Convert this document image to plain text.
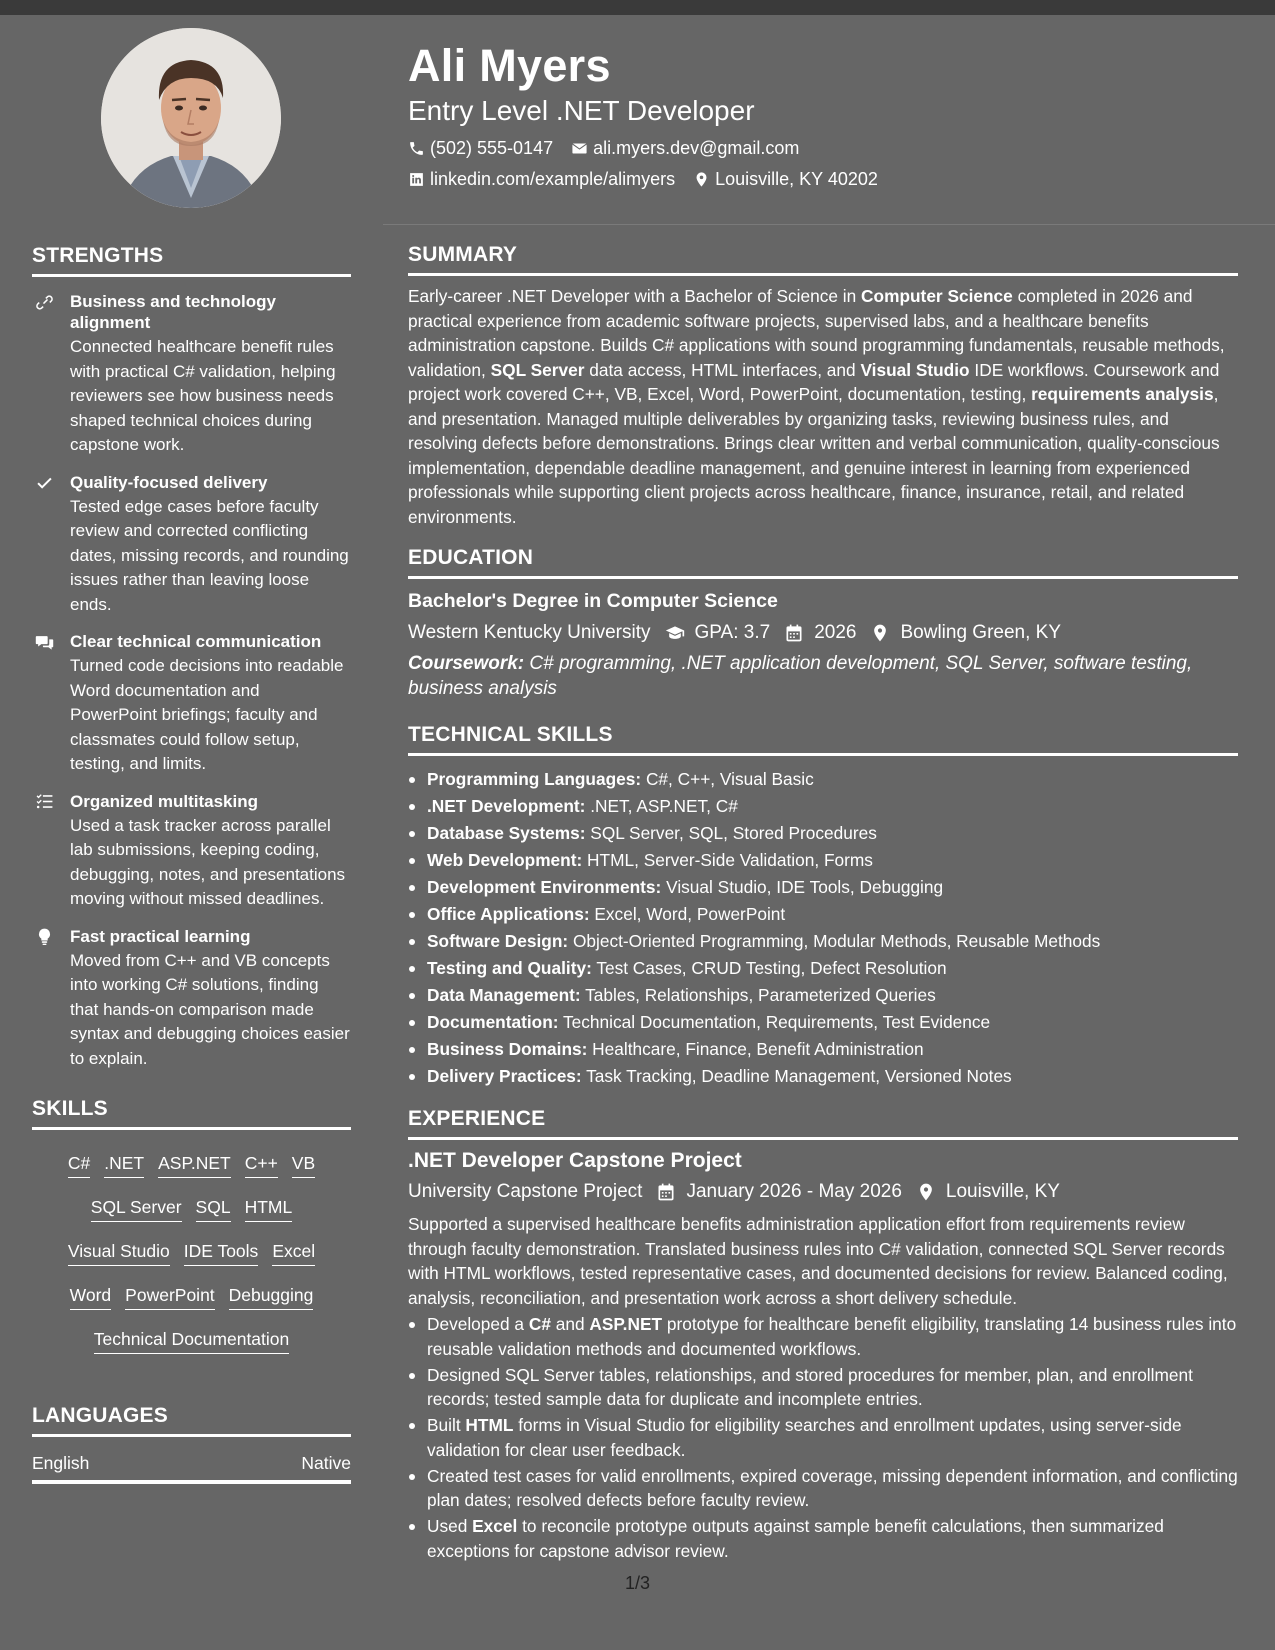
STRENGTHS
Business and technology alignment
Connected healthcare benefit rules with practical C# validation, helping reviewers see how business needs shaped technical choices during capstone work.
Quality-focused delivery
Tested edge cases before faculty review and corrected conflicting dates, missing records, and rounding issues rather than leaving loose ends.
Clear technical communication
Turned code decisions into readable Word documentation and PowerPoint briefings; faculty and classmates could follow setup, testing, and limits.
Organized multitasking
Used a task tracker across parallel lab submissions, keeping coding, debugging, notes, and presentations moving without missed deadlines.
Fast practical learning
Moved from C++ and VB concepts into working C# solutions, finding that hands-on comparison made syntax and debugging choices easier to explain.
SKILLS
C# .NET ASP.NET C++ VB
SQL Server SQL HTML
Visual Studio IDE Tools Excel
Word PowerPoint Debugging
Technical Documentation
LANGUAGES
English	Native
Ali Myers
Entry Level .NET Developer
(502) 555-0147 ali.myers.dev@gmail.com
linkedin.com/example/alimyers Louisville, KY 40202
SUMMARY
Early-career .NET Developer with a Bachelor of Science in Computer Science completed in 2026 and practical experience from academic software projects, supervised labs, and a healthcare benefits administration capstone. Builds C# applications with sound programming fundamentals, reusable methods, validation, SQL Server data access, HTML interfaces, and Visual Studio IDE workflows. Coursework and project work covered C++, VB, Excel, Word, PowerPoint, documentation, testing, requirements analysis, and presentation. Managed multiple deliverables by organizing tasks, reviewing business rules, and resolving defects before demonstrations. Brings clear written and verbal communication, quality-conscious implementation, dependable deadline management, and genuine interest in learning from experienced professionals while supporting client projects across healthcare, finance, insurance, retail, and related environments.
EDUCATION
Bachelor's Degree in Computer Science
Western Kentucky University GPA: 3.7 2026 Bowling Green, KY
Coursework: C# programming, .NET application development, SQL Server, software testing, business analysis
TECHNICAL SKILLS
Programming Languages: C#, C++, Visual Basic
.NET Development: .NET, ASP.NET, C#
Database Systems: SQL Server, SQL, Stored Procedures
Web Development: HTML, Server-Side Validation, Forms
Development Environments: Visual Studio, IDE Tools, Debugging
Office Applications: Excel, Word, PowerPoint
Software Design: Object-Oriented Programming, Modular Methods, Reusable Methods
Testing and Quality: Test Cases, CRUD Testing, Defect Resolution
Data Management: Tables, Relationships, Parameterized Queries
Documentation: Technical Documentation, Requirements, Test Evidence
Business Domains: Healthcare, Finance, Benefit Administration
Delivery Practices: Task Tracking, Deadline Management, Versioned Notes
EXPERIENCE
.NET Developer Capstone Project
University Capstone Project January 2026 - May 2026 Louisville, KY
Supported a supervised healthcare benefits administration application effort from requirements review through faculty demonstration. Translated business rules into C# validation, connected SQL Server records with HTML workflows, tested representative cases, and documented decisions for review. Balanced coding, analysis, reconciliation, and presentation work across a short delivery schedule.
Developed a C# and ASP.NET prototype for healthcare benefit eligibility, translating 14 business rules into reusable validation methods and documented workflows.
Designed SQL Server tables, relationships, and stored procedures for member, plan, and enrollment records; tested sample data for duplicate and incomplete entries.
Built HTML forms in Visual Studio for eligibility searches and enrollment updates, using server-side validation for clear user feedback.
Created test cases for valid enrollments, expired coverage, missing dependent information, and conflicting plan dates; resolved defects before faculty review.
Used Excel to reconcile prototype outputs against sample benefit calculations, then summarized exceptions for capstone advisor review.
1/3
